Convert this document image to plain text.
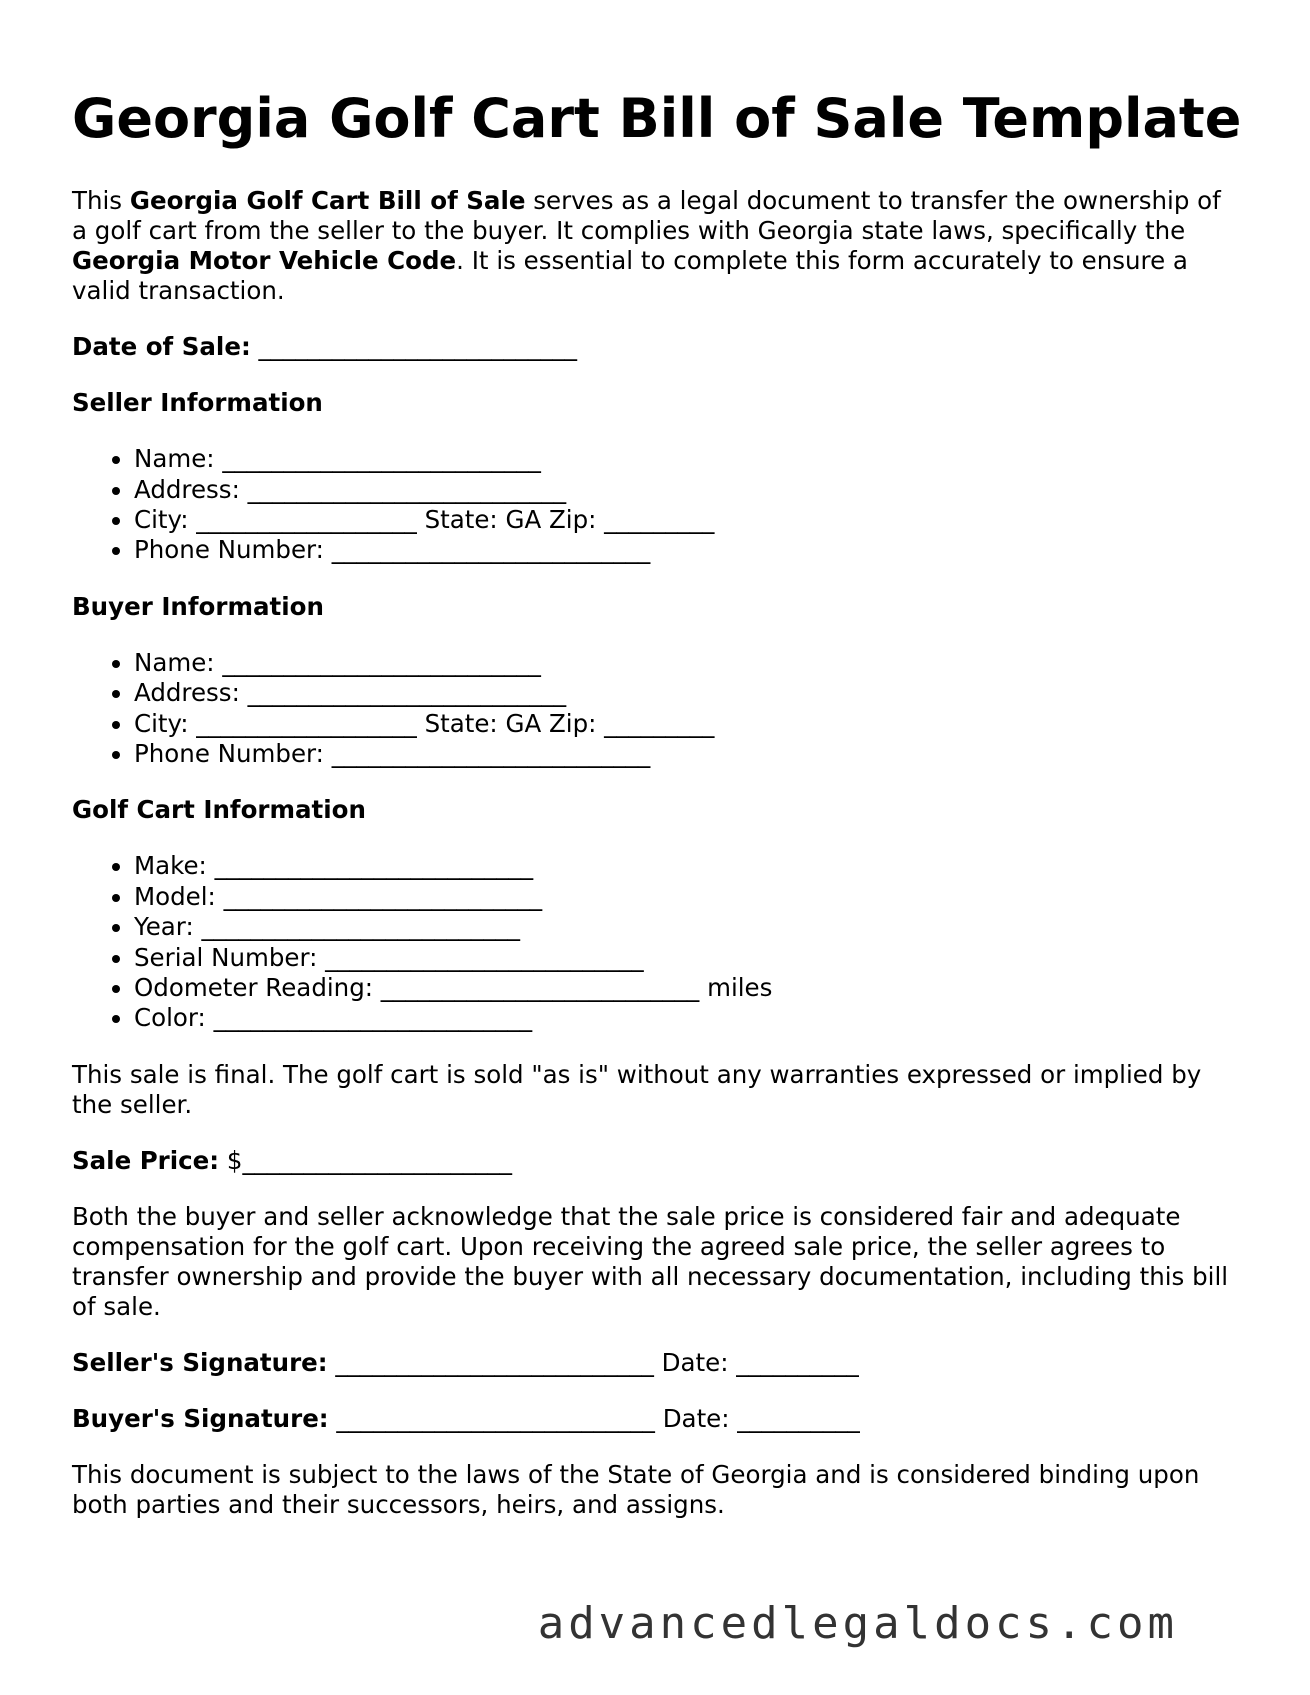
Georgia Golf Cart Bill of Sale Template

This Georgia Golf Cart Bill of Sale serves as a legal document to transfer the ownership of a golf cart from the seller to the buyer. It complies with Georgia state laws, specifically the Georgia Motor Vehicle Code. It is essential to complete this form accurately to ensure a valid transaction.

Date of Sale: __________________________
Seller Information
• Name: __________________________
• Address: __________________________
• City: __________________ State: GA Zip: _________
• Phone Number: __________________________
Buyer Information
• Name: __________________________
• Address: __________________________
• City: __________________ State: GA Zip: _________
• Phone Number: __________________________
Golf Cart Information
• Make: __________________________
• Model: __________________________
• Year: __________________________
• Serial Number: __________________________
• Odometer Reading: __________________________ miles
• Color: __________________________

This sale is final. The golf cart is sold "as is" without any warranties expressed or implied by the seller.

Sale Price: $______________________

Both the buyer and seller acknowledge that the sale price is considered fair and adequate compensation for the golf cart. Upon receiving the agreed sale price, the seller agrees to transfer ownership and provide the buyer with all necessary documentation, including this bill of sale.

Seller's Signature: __________________________ Date: __________
Buyer's Signature: __________________________ Date: __________

This document is subject to the laws of the State of Georgia and is considered binding upon both parties and their successors, heirs, and assigns.

advancedlegaldocs.com
